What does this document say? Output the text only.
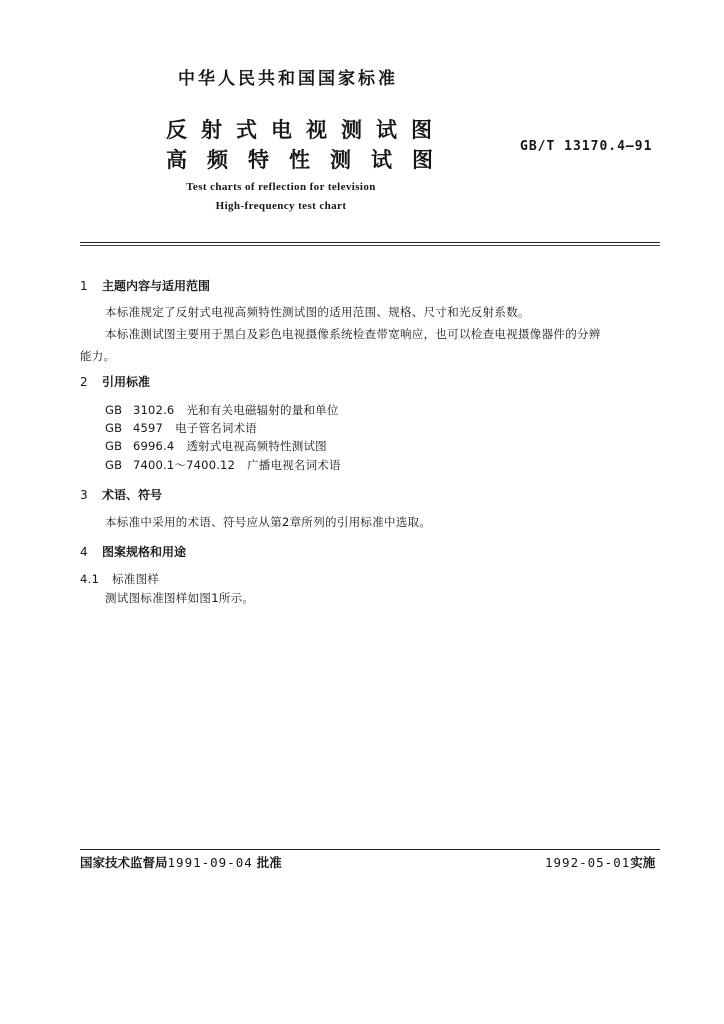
中华人民共和国国家标准
反射式电视测试图
高频特性测试图
GB/T 13170.4—91
Test charts of reflection for television
High-frequency test chart
1 主题内容与适用范围
本标准规定了反射式电视高频特性测试图的适用范围、规格、尺寸和光反射系数。
本标准测试图主要用于黑白及彩色电视摄像系统检查带宽响应，也可以检查电视摄像器件的分辨
能力。
2 引用标准
GB 3102.6 光和有关电磁辐射的量和单位
GB 4597 电子管名词术语
GB 6996.4 透射式电视高频特性测试图
GB 7400.1～7400.12 广播电视名词术语
3 术语、符号
本标准中采用的术语、符号应从第2章所列的引用标准中选取。
4 图案规格和用途
4.1 标准图样
测试图标准图样如图1所示。
国家技术监督局1991-09-04 批准	1992-05-01实施
